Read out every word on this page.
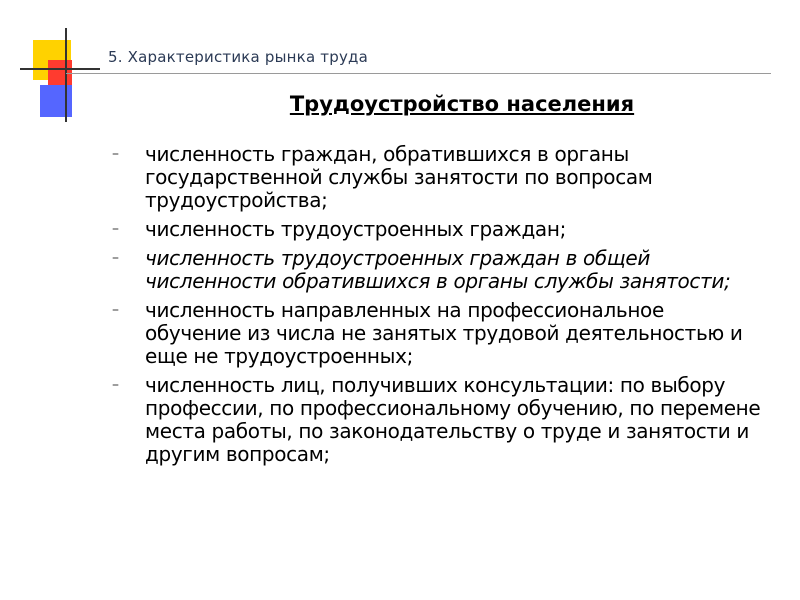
5. Характеристика рынка труда
Трудоустройство населения
–	численность граждан, обратившихся в органы государственной службы занятости по вопросам трудоустройства;
–	численность трудоустроенных граждан;
–	численность трудоустроенных граждан в общей численности обратившихся в органы службы занятости;
–	численность направленных на профессиональное обучение из числа не занятых трудовой деятельностью и еще не трудоустроенных;
–	численность лиц, получивших консультации: по выбору профессии, по профессиональному обучению, по перемене места работы, по законодательству о труде и занятости и другим вопросам;
